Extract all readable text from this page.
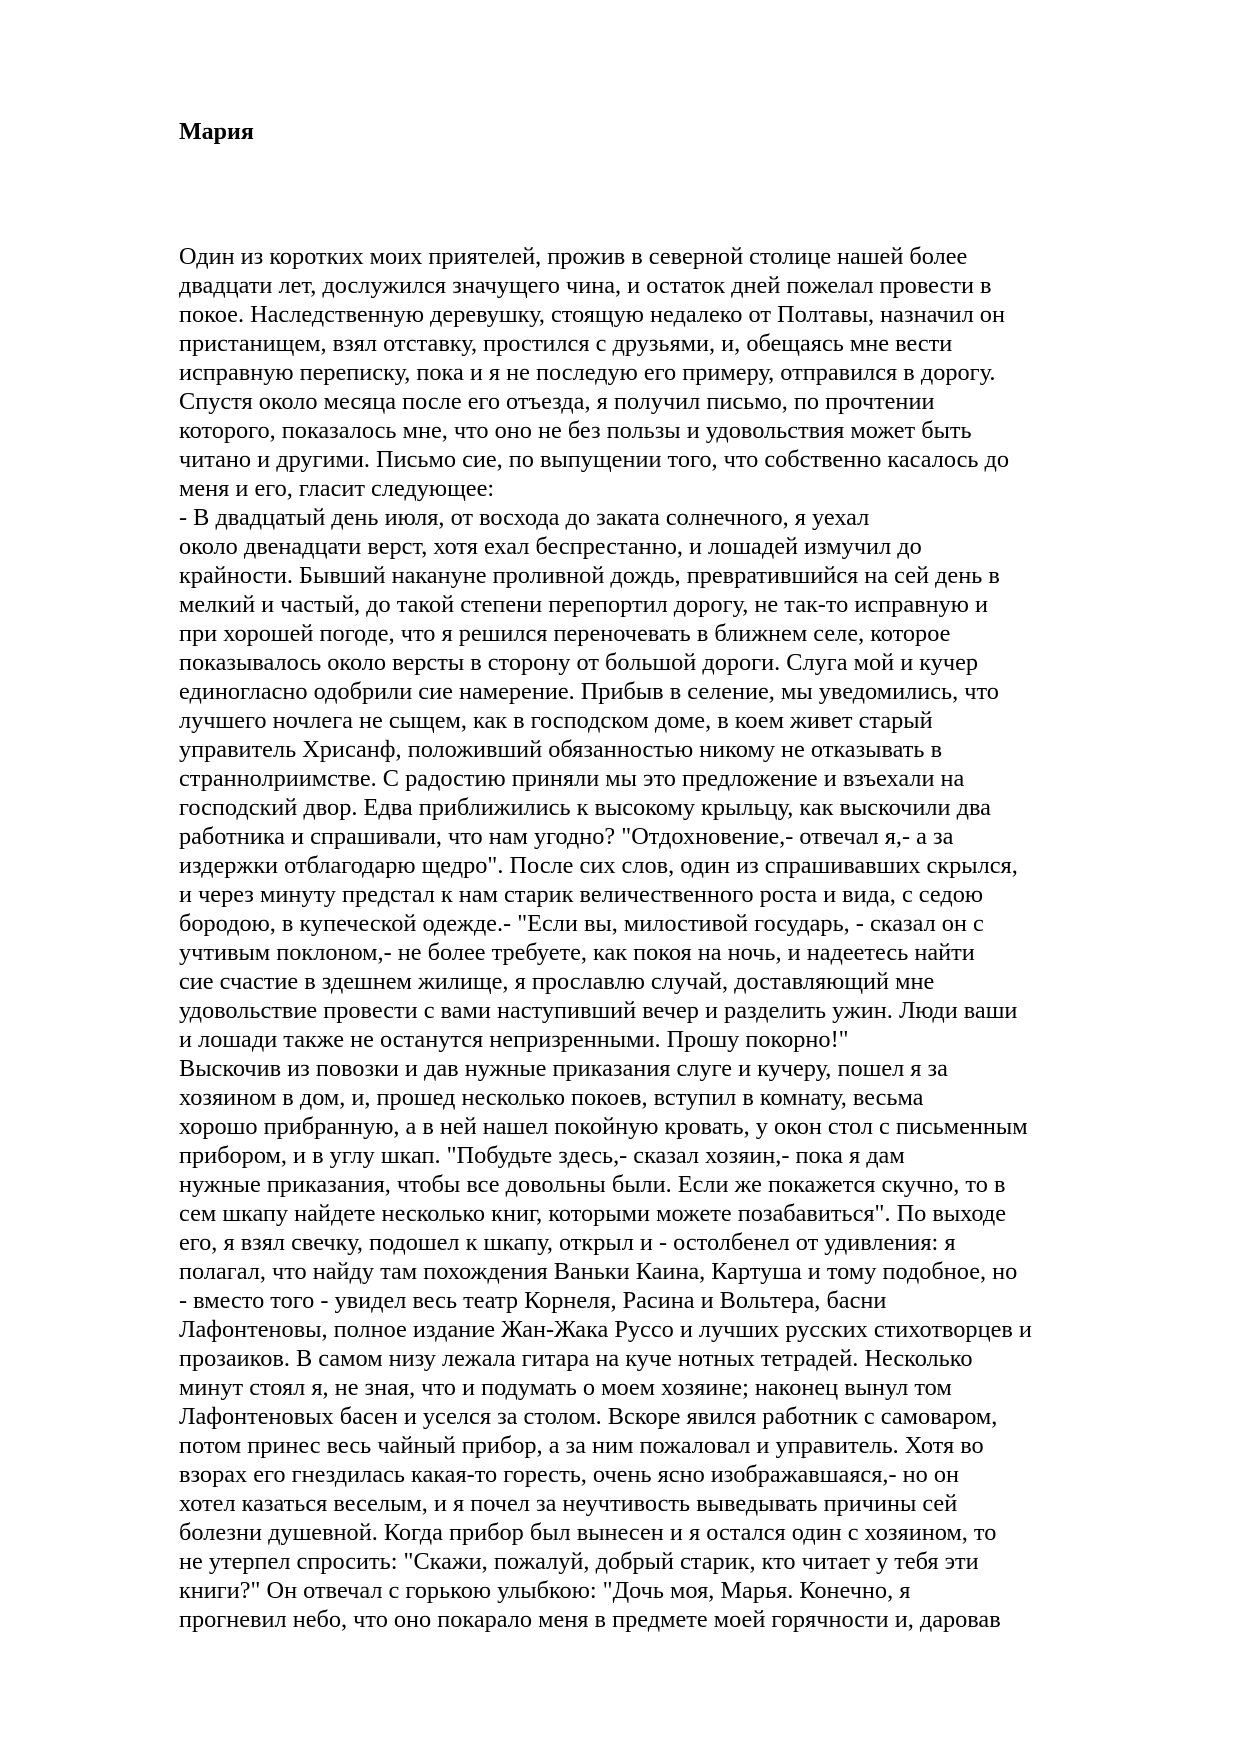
Мария
Один из коротких моих приятелей, прожив в северной столице нашей более
двадцати лет, дослужился значущего чина, и остаток дней пожелал провести в
покое. Наследственную деревушку, стоящую недалеко от Полтавы, назначил он
пристанищем, взял отставку, простился с друзьями, и, обещаясь мне вести
исправную переписку, пока и я не последую его примеру, отправился в дорогу.
Спустя около месяца после его отъезда, я получил письмо, по прочтении
которого, показалось мне, что оно не без пользы и удовольствия может быть
читано и другими. Письмо сие, по выпущении того, что собственно касалось до
меня и его, гласит следующее:
- В двадцатый день июля, от восхода до заката солнечного, я уехал
около двенадцати верст, хотя ехал беспрестанно, и лошадей измучил до
крайности. Бывший накануне проливной дождь, превратившийся на сей день в
мелкий и частый, до такой степени перепортил дорогу, не так-то исправную и
при хорошей погоде, что я решился переночевать в ближнем селе, которое
показывалось около версты в сторону от большой дороги. Слуга мой и кучер
единогласно одобрили сие намерение. Прибыв в селение, мы уведомились, что
лучшего ночлега не сыщем, как в господском доме, в коем живет старый
управитель Хрисанф, положивший обязанностью никому не отказывать в
страннолриимстве. С радостию приняли мы это предложение и взъехали на
господский двор. Едва приближились к высокому крыльцу, как выскочили два
работника и спрашивали, что нам угодно? "Отдохновение,- отвечал я,- а за
издержки отблагодарю щедро". После сих слов, один из спрашивавших скрылся,
и через минуту предстал к нам старик величественного роста и вида, с седою
бородою, в купеческой одежде.- "Если вы, милостивой государь, - сказал он с
учтивым поклоном,- не более требуете, как покоя на ночь, и надеетесь найти
сие счастие в здешнем жилище, я прославлю случай, доставляющий мне
удовольствие провести с вами наступивший вечер и разделить ужин. Люди ваши
и лошади также не останутся непризренными. Прошу покорно!"
Выскочив из повозки и дав нужные приказания слуге и кучеру, пошел я за
хозяином в дом, и, прошед несколько покоев, вступил в комнату, весьма
хорошо прибранную, а в ней нашел покойную кровать, у окон стол с письменным
прибором, и в углу шкап. "Побудьте здесь,- сказал хозяин,- пока я дам
нужные приказания, чтобы все довольны были. Если же покажется скучно, то в
сем шкапу найдете несколько книг, которыми можете позабавиться". По выходе
его, я взял свечку, подошел к шкапу, открыл и - остолбенел от удивления: я
полагал, что найду там похождения Ваньки Каина, Картуша и тому подобное, но
- вместо того - увидел весь театр Корнеля, Расина и Вольтера, басни
Лафонтеновы, полное издание Жан-Жака Руссо и лучших русских стихотворцев и
прозаиков. В самом низу лежала гитара на куче нотных тетрадей. Несколько
минут стоял я, не зная, что и подумать о моем хозяине; наконец вынул том
Лафонтеновых басен и уселся за столом. Вскоре явился работник с самоваром,
потом принес весь чайный прибор, а за ним пожаловал и управитель. Хотя во
взорах его гнездилась какая-то горесть, очень ясно изображавшаяся,- но он
хотел казаться веселым, и я почел за неучтивость выведывать причины сей
болезни душевной. Когда прибор был вынесен и я остался один с хозяином, то
не утерпел спросить: "Скажи, пожалуй, добрый старик, кто читает у тебя эти
книги?" Он отвечал с горькою улыбкою: "Дочь моя, Марья. Конечно, я
прогневил небо, что оно покарало меня в предмете моей горячности и, даровав
